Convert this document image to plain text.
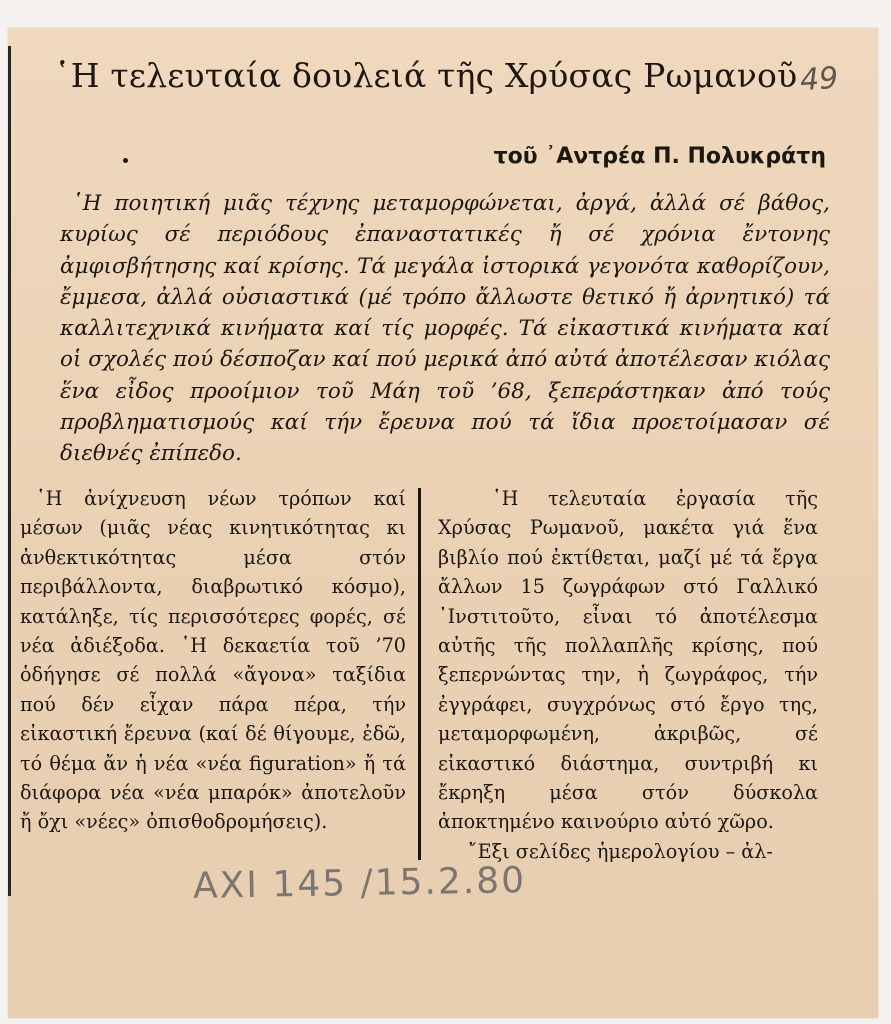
῾Η τελευταία δουλειά τῆς Χρύσας Ρωμανοῦ 49
τοῦ ᾿Αντρέα Π. Πολυκράτη

῾Η ποιητική μιᾶς τέχνης μεταμορφώνεται, ἀργά, ἀλλά σέ βάθος, κυρίως σέ περιόδους ἐπαναστατικές ἤ σέ χρόνια ἔντονης ἀμφισβήτησης καί κρίσης. Τά μεγάλα ἱστορικά γεγονότα καθορίζουν, ἔμμεσα, ἀλλά οὐσιαστικά (μέ τρόπο ἄλλωστε θετικό ἤ ἀρνητικό) τά καλλιτεχνικά κινήματα καί τίς μορφές. Τά εἰκαστικά κινήματα καί οἱ σχολές πού δέσποζαν καί πού μερικά ἀπό αὐτά ἀποτέλεσαν κιόλας ἕνα εἶδος προοίμιον τοῦ Μάη τοῦ ’68, ξεπεράστηκαν ἀπό τούς προβληματισμούς καί τήν ἔρευνα πού τά ἴδια προετοίμασαν σέ διεθνές ἐπίπεδο.

῾Η ἀνίχνευση νέων τρόπων καί μέσων (μιᾶς νέας κινητικότητας κι ἀνθεκτικότητας μέσα στόν περιβάλλοντα, διαβρωτικό κόσμο), κατάληξε, τίς περισσότερες φορές, σέ νέα ἀδιέξοδα. ῾Η δεκαετία τοῦ ’70 ὁδήγησε σέ πολλά «ἄγονα» ταξίδια πού δέν εἶχαν πάρα πέρα, τήν εἰκαστική ἔρευνα (καί δέ θίγουμε, ἐδῶ, τό θέμα ἄν ἡ νέα «νέα figuration» ἤ τά διάφορα νέα «νέα μπαρόκ» ἀποτελοῦν ἤ ὄχι «νέες» ὀπισθοδρομήσεις).

῾Η τελευταία ἐργασία τῆς Χρύσας Ρωμανοῦ, μακέτα γιά ἕνα βιβλίο πού ἐκτίθεται, μαζί μέ τά ἔργα ἄλλων 15 ζωγράφων στό Γαλλικό ᾿Ινστιτοῦτο, εἶναι τό ἀποτέλεσμα αὐτῆς τῆς πολλαπλῆς κρίσης, πού ξεπερνώντας την, ἡ ζωγράφος, τήν ἐγγράφει, συγχρόνως στό ἔργο της, μεταμορφωμένη, ἀκριβῶς, σέ εἰκαστικό διάστημα, συντριβή κι ἔκρηξη μέσα στόν δύσκολα ἀποκτημένο καινούριο αὐτό χῶρο.

῎Εξι σελίδες ἡμερολογίου – ἀλ-

ΑΧΙ 145 /15.2.80
